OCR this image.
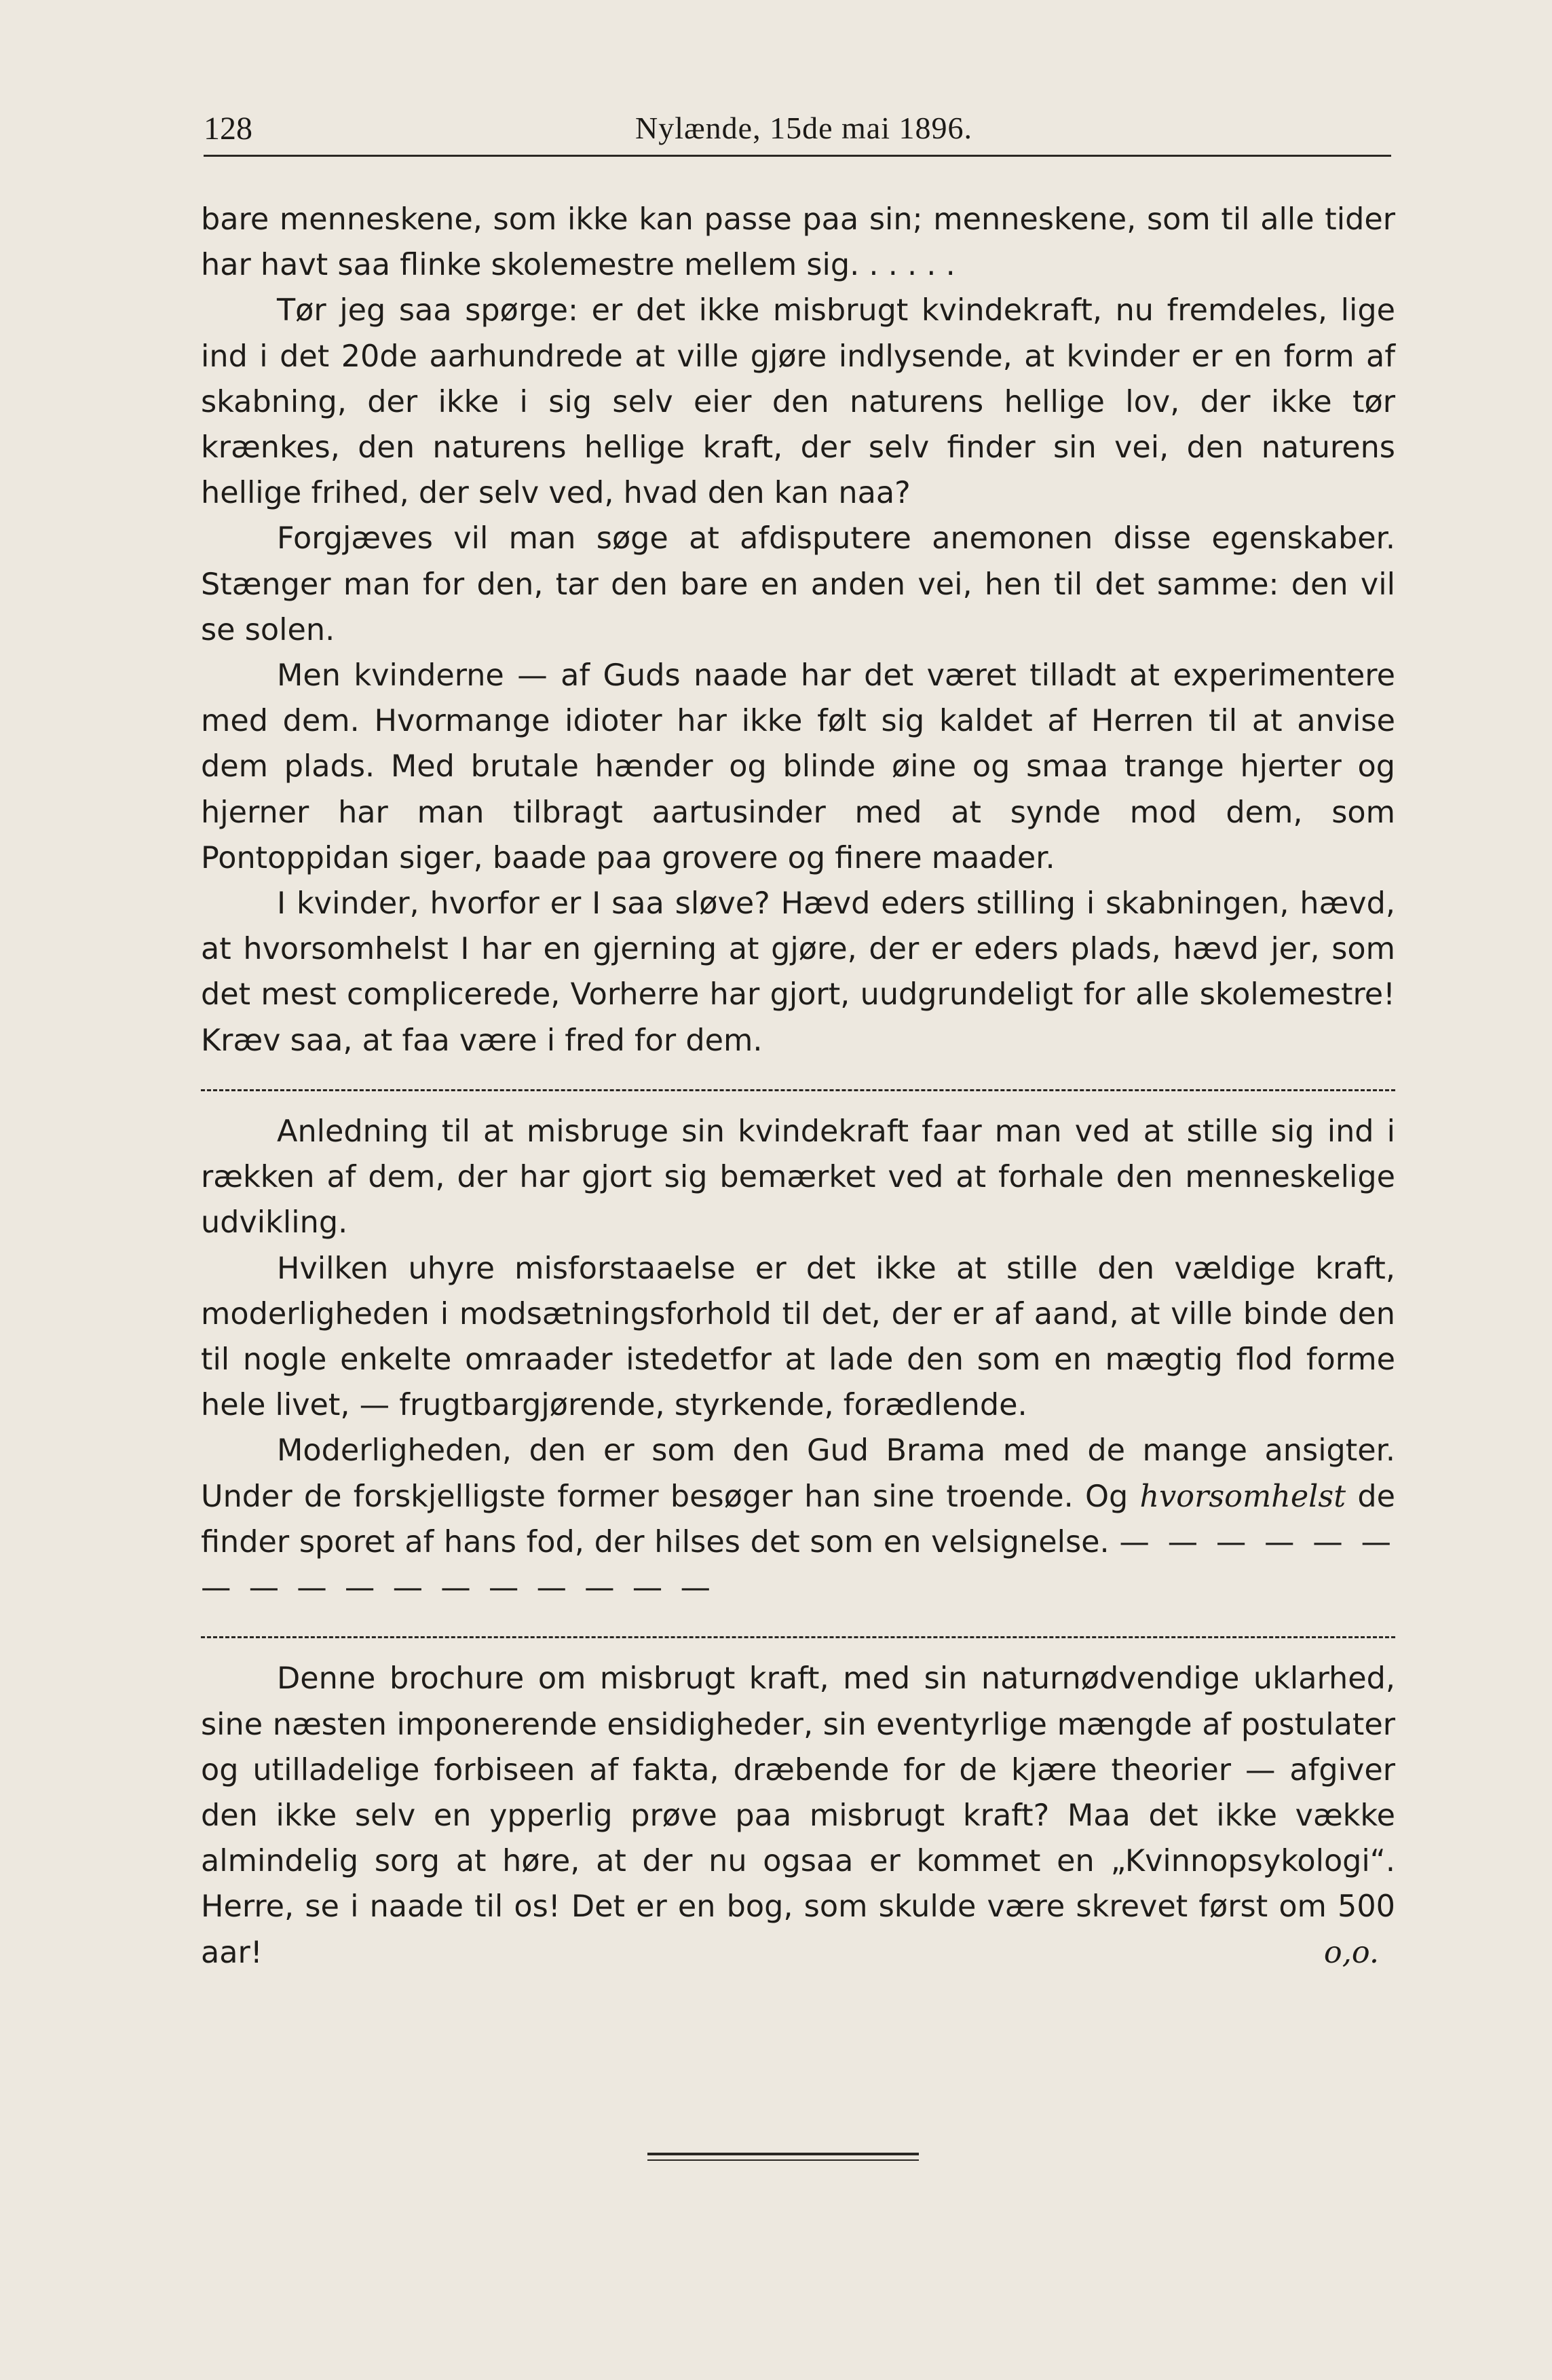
128	Nylænde, 15de mai 1896.

bare menneskene, som ikke kan passe paa sin; menneskene, som til alle tider har havt saa flinke skolemestre mellem sig. . . . . .

Tør jeg saa spørge: er det ikke misbrugt kvindekraft, nu fremdeles, lige ind i det 20de aarhundrede at ville gjøre indlysende, at kvinder er en form af skabning, der ikke i sig selv eier den naturens hellige lov, der ikke tør krænkes, den naturens hellige kraft, der selv finder sin vei, den naturens hellige frihed, der selv ved, hvad den kan naa?

Forgjæves vil man søge at afdisputere anemonen disse egenskaber. Stænger man for den, tar den bare en anden vei, hen til det samme: den vil se solen.

Men kvinderne — af Guds naade har det været tilladt at experimentere med dem. Hvormange idioter har ikke følt sig kaldet af Herren til at anvise dem plads. Med brutale hænder og blinde øine og smaa trange hjerter og hjerner har man tilbragt aartusinder med at synde mod dem, som Pontoppidan siger, baade paa grovere og finere maader.

I kvinder, hvorfor er I saa sløve? Hævd eders stilling i skabningen, hævd, at hvorsomhelst I har en gjerning at gjøre, der er eders plads, hævd jer, som det mest complicerede, Vorherre har gjort, uudgrundeligt for alle skolemestre! Kræv saa, at faa være i fred for dem.

Anledning til at misbruge sin kvindekraft faar man ved at stille sig ind i rækken af dem, der har gjort sig bemærket ved at forhale den menneskelige udvikling.

Hvilken uhyre misforstaaelse er det ikke at stille den vældige kraft, moderligheden i modsætningsforhold til det, der er af aand, at ville binde den til nogle enkelte omraader istedetfor at lade den som en mægtig flod forme hele livet, — frugtbargjørende, styrkende, forædlende.

Moderligheden, den er som den Gud Brama med de mange ansigter. Under de forskjelligste former besøger han sine troende. Og hvorsomhelst de finder sporet af hans fod, der hilses det som en velsignelse. — — — — — — — — — — — — — — — — —

Denne brochure om misbrugt kraft, med sin naturnødvendige uklarhed, sine næsten imponerende ensidigheder, sin eventyrlige mængde af postulater og utilladelige forbiseen af fakta, dræbende for de kjære theorier — afgiver den ikke selv en ypperlig prøve paa misbrugt kraft? Maa det ikke vække almindelig sorg at høre, at der nu ogsaa er kommet en „Kvinnopsykologi“. Herre, se i naade til os! Det er en bog, som skulde være skrevet først om 500 aar!	o,o.
